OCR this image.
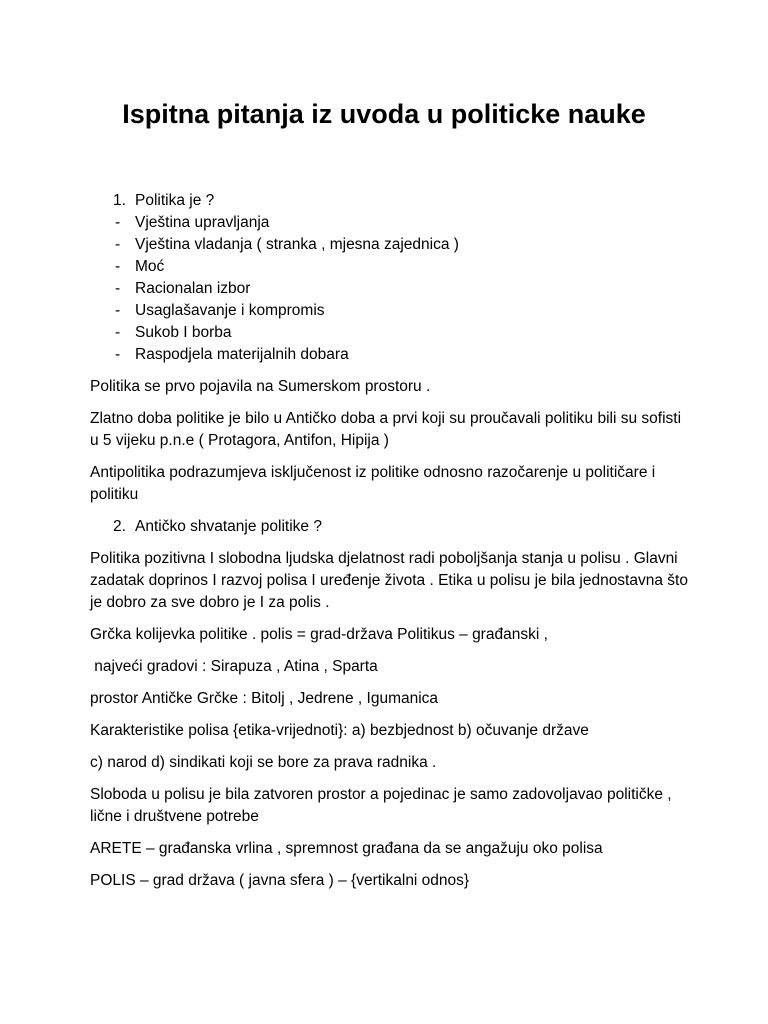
Ispitna pitanja iz uvoda u politicke nauke
1. Politika je ?
- Vještina upravljanja
- Vještina vladanja ( stranka , mjesna zajednica )
- Moć
- Racionalan izbor
- Usaglašavanje i kompromis
- Sukob I borba
- Raspodjela materijalnih dobara

Politika se prvo pojavila na Sumerskom prostoru .

Zlatno doba politike je bilo u Antičko doba a prvi koji su proučavali politiku bili su sofisti u 5 vijeku p.n.e ( Protagora, Antifon, Hipija )

Antipolitika podrazumjeva isključenost iz politike odnosno razočarenje u političare i politiku

2. Antičko shvatanje politike ?

Politika pozitivna I slobodna ljudska djelatnost radi poboljšanja stanja u polisu . Glavni zadatak doprinos I razvoj polisa I uređenje života . Etika u polisu je bila jednostavna što je dobro za sve dobro je I za polis .

Grčka kolijevka politike . polis = grad-država Politikus – građanski ,

najveći gradovi : Sirapuza , Atina , Sparta

prostor Antičke Grčke : Bitolj , Jedrene , Igumanica

Karakteristike polisa {etika-vrijednoti}: a) bezbjednost b) očuvanje države

c) narod d) sindikati koji se bore za prava radnika .

Sloboda u polisu je bila zatvoren prostor a pojedinac je samo zadovoljavao političke , lične i društvene potrebe

ARETE – građanska vrlina , spremnost građana da se angažuju oko polisa

POLIS – grad država ( javna sfera ) – {vertikalni odnos}
